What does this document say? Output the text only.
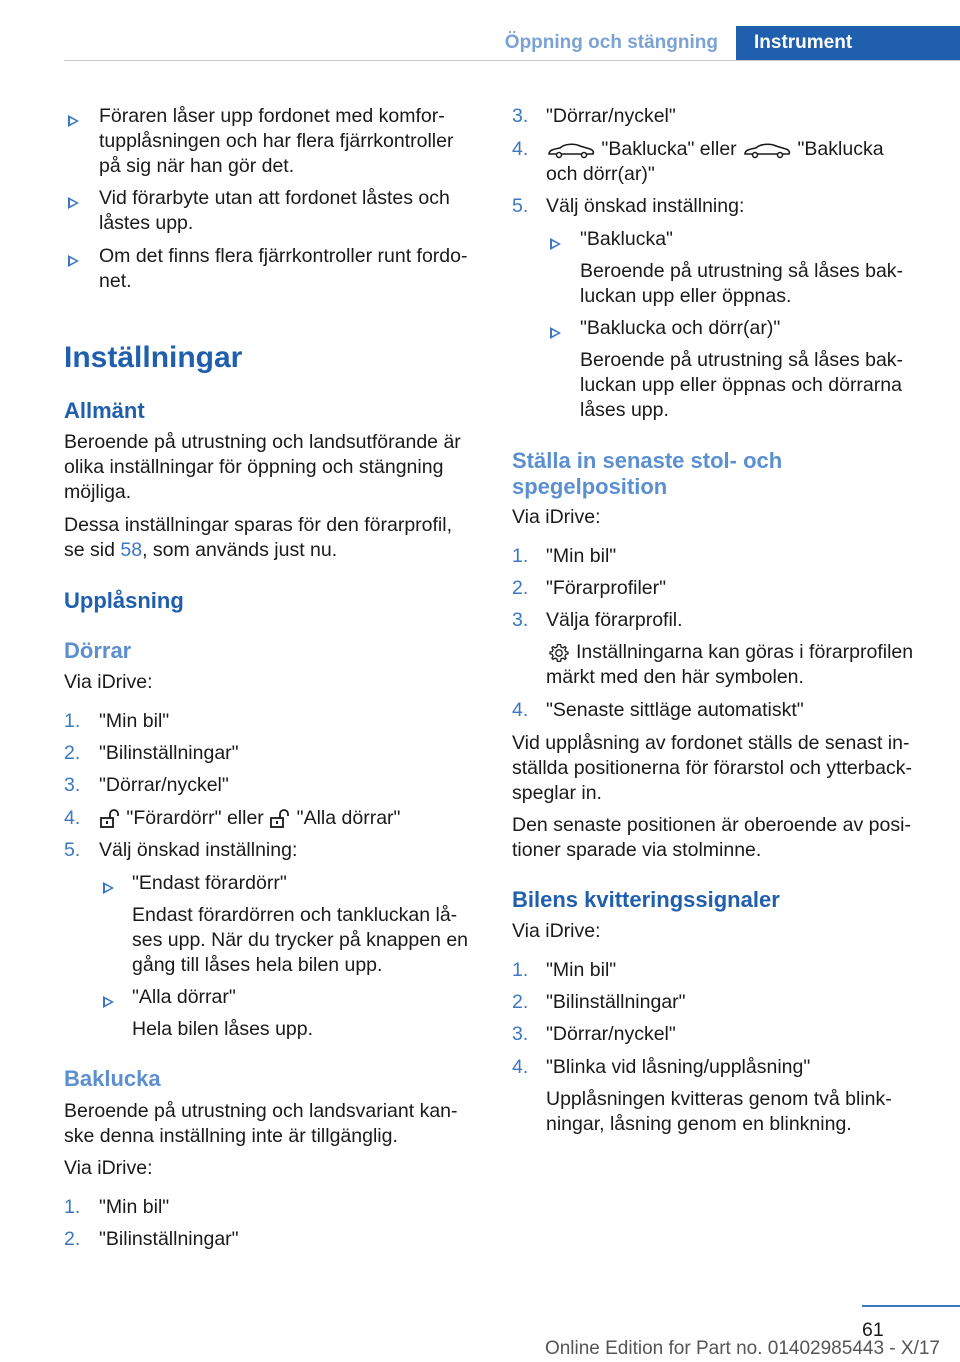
Öppning och stängning	Instrument
Föraren låser upp fordonet med komfor-
tupplåsningen och har flera fjärrkontroller
på sig när han gör det.
Vid förarbyte utan att fordonet låstes och
låstes upp.
Om det finns flera fjärrkontroller runt fordo-
net.
Inställningar
Allmänt
Beroende på utrustning och landsutförande är
olika inställningar för öppning och stängning
möjliga.
Dessa inställningar sparas för den förarprofil,
se sid 58, som används just nu.
Upplåsning
Dörrar
Via iDrive:
1. "Min bil"
2. "Bilinställningar"
3. "Dörrar/nyckel"
4.	"Förardörr" eller "Alla dörrar"
5. Välj önskad inställning:
"Endast förardörr"
Endast förardörren och tankluckan lå-
ses upp. När du trycker på knappen en
gång till låses hela bilen upp.
"Alla dörrar"
Hela bilen låses upp.
Baklucka
Beroende på utrustning och landsvariant kan-
ske denna inställning inte är tillgänglig.
Via iDrive:
1. "Min bil"
2. "Bilinställningar"
3. "Dörrar/nyckel"
4.	"Baklucka" eller	"Baklucka
och dörr(ar)"
5. Välj önskad inställning:
"Baklucka"
Beroende på utrustning så låses bak-
luckan upp eller öppnas.
"Baklucka och dörr(ar)"
Beroende på utrustning så låses bak-
luckan upp eller öppnas och dörrarna
låses upp.
Ställa in senaste stol- och
spegelposition
Via iDrive:
1. "Min bil"
2. "Förarprofiler"
3. Välja förarprofil.
Inställningarna kan göras i förarprofilen
märkt med den här symbolen.
4. "Senaste sittläge automatiskt"
Vid upplåsning av fordonet ställs de senast in-
ställda positionerna för förarstol och ytterback-
speglar in.
Den senaste positionen är oberoende av posi-
tioner sparade via stolminne.
Bilens kvitteringssignaler
Via iDrive:
1. "Min bil"
2. "Bilinställningar"
3. "Dörrar/nyckel"
4. "Blinka vid låsning/upplåsning"
Upplåsningen kvitteras genom två blink-
ningar, låsning genom en blinkning.
61
Online Edition for Part no. 01402985443 - X/17
